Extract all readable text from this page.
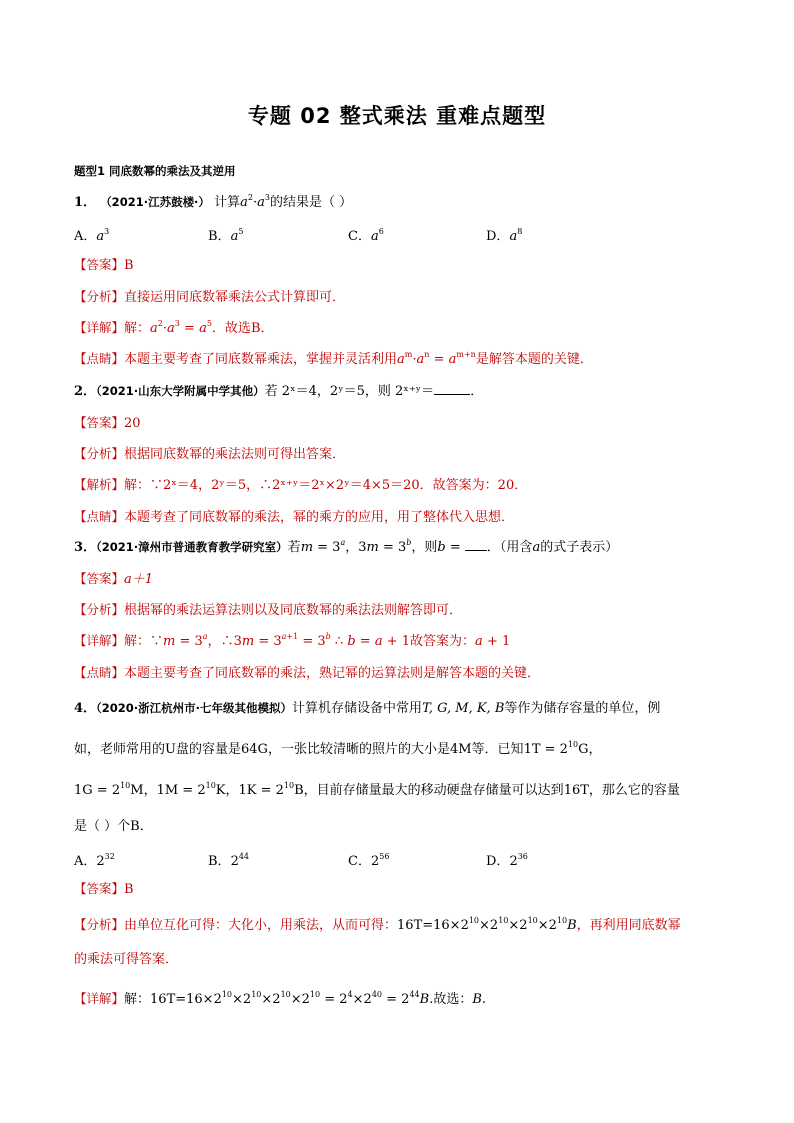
专题 02 整式乘法 重难点题型
题型1 同底数幂的乘法及其逆用
1． （2021·江苏鼓楼·） 计算$a^2\cdot a^3$的结果是（ ）
A．$a^3$	B．$a^5$	C．$a^6$	D．$a^8$
【答案】B
【分析】直接运用同底数幂乘法公式计算即可．
【详解】解：$a^2\cdot a^3 = a^5$．故选B．
【点睛】本题主要考查了同底数幂乘法，掌握并灵活利用$a^m\cdot a^n = a^{m+n}$是解答本题的关键．
2．（2021·山东大学附属中学其他）若 2ˣ＝4，2ʸ＝5，则 2ˣ⁺ʸ＝	．
【答案】20
【分析】根据同底数幂的乘法法则可得出答案．
【解析】解：∵2ˣ＝4，2ʸ＝5，∴2ˣ⁺ʸ＝2ˣ×2ʸ＝4×5＝20．故答案为：20．
【点睛】本题考查了同底数幂的乘法，幂的乘方的应用，用了整体代入思想．
3．（2021·漳州市普通教育教学研究室）若$m = 3^a$，$3m = 3^b$，则b = ．（用含a的式子表示）
【答案】a＋1
【分析】根据幂的乘法运算法则以及同底数幂的乘法法则解答即可．
【详解】解：∵m = $3^a$，∴3m = $3^{a+1} = 3^b$ ∴ b = a + 1故答案为：a + 1
【点睛】本题主要考查了同底数幂的乘法，熟记幂的运算法则是解答本题的关键．
4．（2020·浙江杭州市·七年级其他模拟）计算机存储设备中常用T, G, M, K, B等作为储存容量的单位，例
如，老师常用的U盘的容量是64G，一张比较清晰的照片的大小是4M等．已知$1T = 2^{10}G$，
$1G = 2^{10}M$，$1M = 2^{10}K$，$1K = 2^{10}B$，目前存储量最大的移动硬盘存储量可以达到16T，那么它的容量
是（ ）个B．
A．$2^{32}$	B．$2^{44}$	C．$2^{56}$	D．$2^{36}$
【答案】B
【分析】由单位互化可得：大化小，用乘法，从而可得：$16T=16\times 2^{10}\times 2^{10}\times 2^{10}\times 2^{10}B$，再利用同底数幂
的乘法可得答案．
【详解】解：$16T=16\times 2^{10}\times 2^{10}\times 2^{10}\times 2^{10} = 2^4\times 2^{40} = 2^{44}B$.故选：B.
